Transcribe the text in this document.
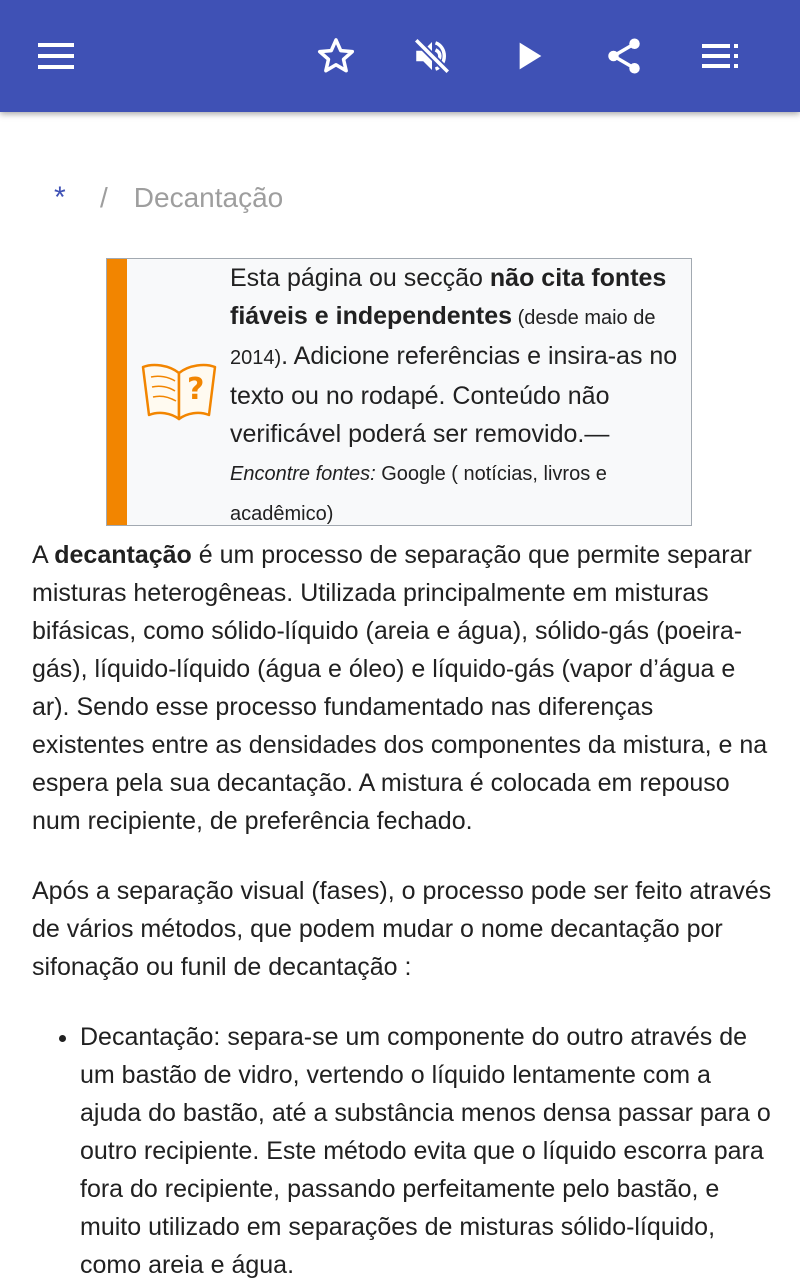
* / Decantação
?
Esta página ou secção não cita fontes fiáveis e independentes (desde maio de 2014). Adicione referências e insira-as no texto ou no rodapé. Conteúdo não verificável poderá ser removido.—
Encontre fontes: Google ( notícias, livros e acadêmico)

A decantação é um processo de separação que permite separar misturas heterogêneas. Utilizada principalmente em misturas bifásicas, como sólido-líquido (areia e água), sólido-gás (poeira-gás), líquido-líquido (água e óleo) e líquido-gás (vapor d’água e ar). Sendo esse processo fundamentado nas diferenças existentes entre as densidades dos componentes da mistura, e na espera pela sua decantação. A mistura é colocada em repouso num recipiente, de preferência fechado.

Após a separação visual (fases), o processo pode ser feito através de vários métodos, que podem mudar o nome decantação por sifonação ou funil de decantação :

• Decantação: separa-se um componente do outro através de um bastão de vidro, vertendo o líquido lentamente com a ajuda do bastão, até a substância menos densa passar para o outro recipiente. Este método evita que o líquido escorra para fora do recipiente, passando perfeitamente pelo bastão, e muito utilizado em separações de misturas sólido-líquido, como areia e água.
